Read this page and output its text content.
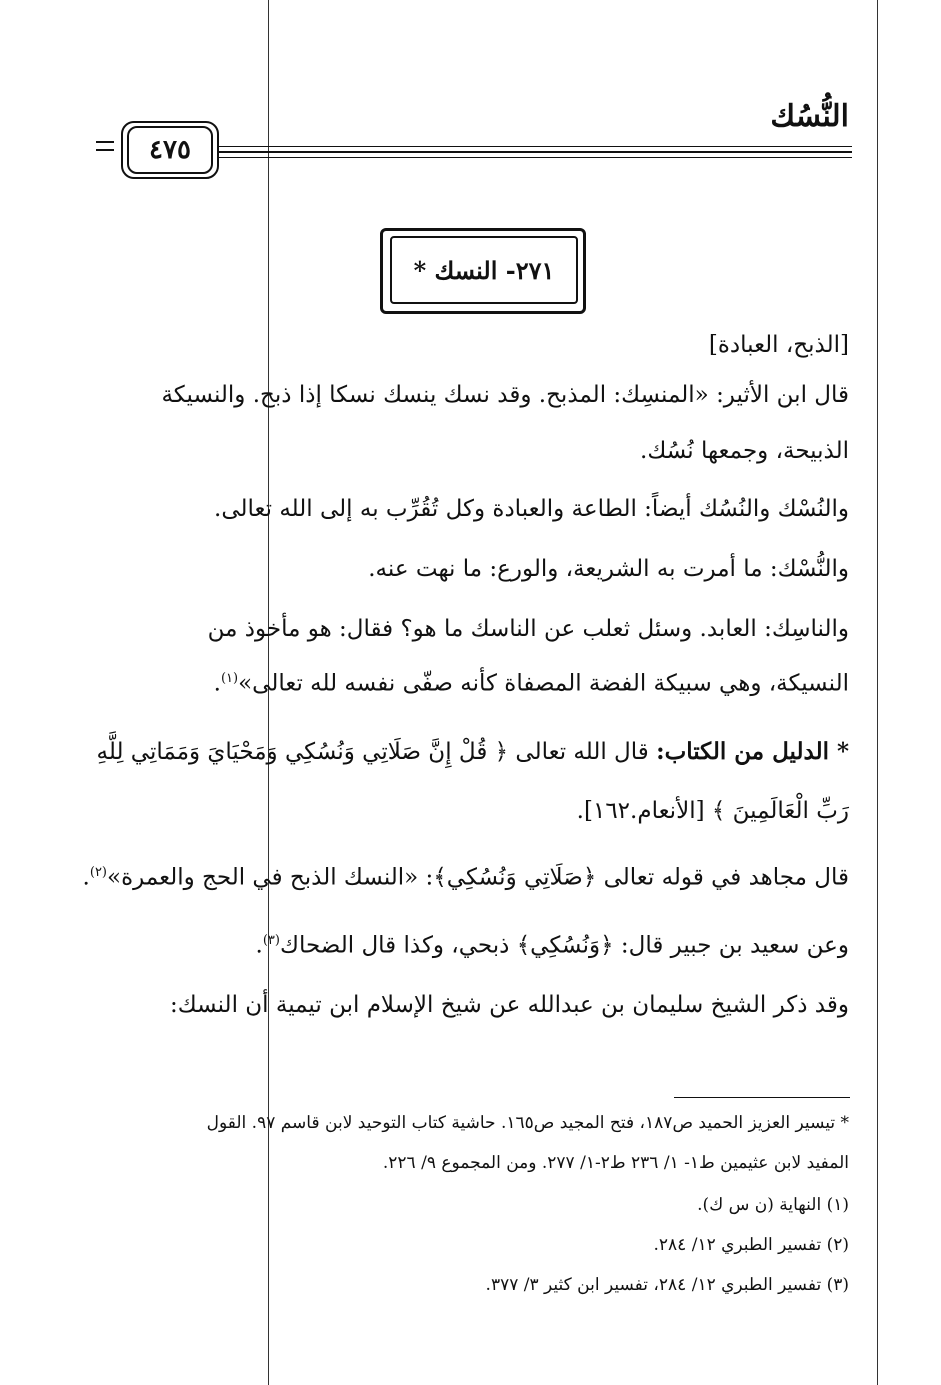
النُّسُك
٤٧٥
٢٧١- النسك *
[الذبح، العبادة]
قال ابن الأثير: «المنسِك: المذبح. وقد نسك ينسك نسكا إذا ذبح. والنسيكة
الذبيحة، وجمعها نُسُك.
والنُسْك والنُسُك أيضاً: الطاعة والعبادة وكل تُقُرِّب به إلى الله تعالى.
والنُّسْك: ما أمرت به الشريعة، والورع: ما نهت عنه.
والناسِك: العابد. وسئل ثعلب عن الناسك ما هو؟ فقال: هو مأخوذ من
النسيكة، وهي سبيكة الفضة المصفاة كأنه صفّى نفسه لله تعالى»$^{(١)}$.
* الدليل من الكتاب: قال الله تعالى ﴿ قُلْ إِنَّ صَلَاتِي وَنُسُكِي وَمَحْيَايَ وَمَمَاتِي لِلَّهِ
رَبِّ الْعَالَمِينَ ﴾ [الأنعام.١٦٢].
قال مجاهد في قوله تعالى ﴿صَلَاتِي وَنُسُكِي﴾: «النسك الذبح في الحج والعمرة»$^{(٢)}$.
وعن سعيد بن جبير قال: ﴿وَنُسُكِي﴾ ذبحي، وكذا قال الضحاك$^{(٣)}$.
وقد ذكر الشيخ سليمان بن عبدالله عن شيخ الإسلام ابن تيمية أن النسك:
* تيسير العزيز الحميد ص١٨٧، فتح المجيد ص١٦٥. حاشية كتاب التوحيد لابن قاسم ٩٧. القول
المفيد لابن عثيمين ط١- ١/ ٢٣٦ ط٢-١/ ٢٧٧. ومن المجموع ٩/ ٢٢٦.
(١) النهاية (ن س ك).
(٢) تفسير الطبري ١٢/ ٢٨٤.
(٣) تفسير الطبري ١٢/ ٢٨٤، تفسير ابن كثير ٣/ ٣٧٧.
